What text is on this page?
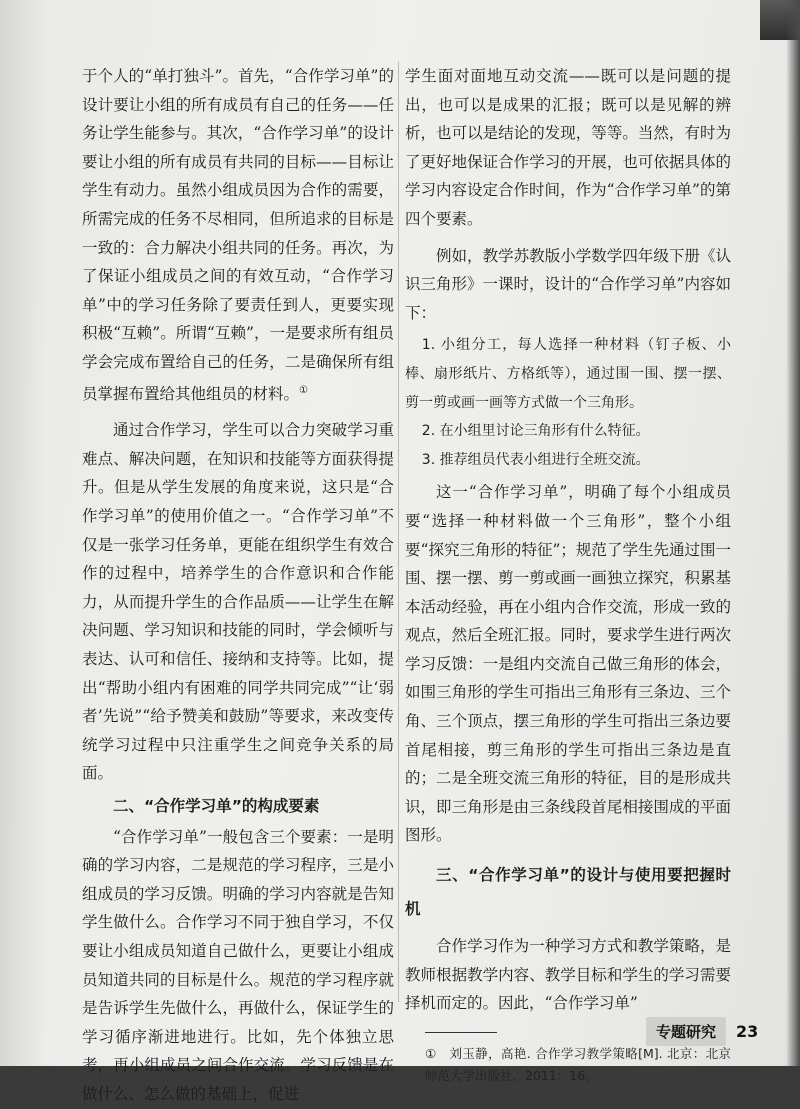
于个人的“单打独斗”。首先，“合作学习单”的设计要让小组的所有成员有自己的任务——任务让学生能参与。其次，“合作学习单”的设计要让小组的所有成员有共同的目标——目标让学生有动力。虽然小组成员因为合作的需要，所需完成的任务不尽相同，但所追求的目标是一致的：合力解决小组共同的任务。再次，为了保证小组成员之间的有效互动，“合作学习单”中的学习任务除了要责任到人，更要实现积极“互赖”。所谓“互赖”，一是要求所有组员学会完成布置给自己的任务，二是确保所有组员掌握布置给其他组员的材料。①

通过合作学习，学生可以合力突破学习重难点、解决问题，在知识和技能等方面获得提升。但是从学生发展的角度来说，这只是“合作学习单”的使用价值之一。“合作学习单”不仅是一张学习任务单，更能在组织学生有效合作的过程中，培养学生的合作意识和合作能力，从而提升学生的合作品质——让学生在解决问题、学习知识和技能的同时，学会倾听与表达、认可和信任、接纳和支持等。比如，提出“帮助小组内有困难的同学共同完成”“让‘弱者’先说”“给予赞美和鼓励”等要求，来改变传统学习过程中只注重学生之间竞争关系的局面。

二、“合作学习单”的构成要素

“合作学习单”一般包含三个要素：一是明确的学习内容，二是规范的学习程序，三是小组成员的学习反馈。明确的学习内容就是告知学生做什么。合作学习不同于独自学习，不仅要让小组成员知道自己做什么，更要让小组成员知道共同的目标是什么。规范的学习程序就是告诉学生先做什么，再做什么，保证学生的学习循序渐进地进行。比如，先个体独立思考，再小组成员之间合作交流。学习反馈是在做什么、怎么做的基础上，促进

学生面对面地互动交流——既可以是问题的提出，也可以是成果的汇报；既可以是见解的辨析，也可以是结论的发现，等等。当然，有时为了更好地保证合作学习的开展，也可依据具体的学习内容设定合作时间，作为“合作学习单”的第四个要素。

例如，教学苏教版小学数学四年级下册《认识三角形》一课时，设计的“合作学习单”内容如下：

1. 小组分工，每人选择一种材料（钉子板、小棒、扇形纸片、方格纸等），通过围一围、摆一摆、剪一剪或画一画等方式做一个三角形。

2. 在小组里讨论三角形有什么特征。

3. 推荐组员代表小组进行全班交流。

这一“合作学习单”，明确了每个小组成员要“选择一种材料做一个三角形”，整个小组要“探究三角形的特征”；规范了学生先通过围一围、摆一摆、剪一剪或画一画独立探究，积累基本活动经验，再在小组内合作交流，形成一致的观点，然后全班汇报。同时，要求学生进行两次学习反馈：一是组内交流自己做三角形的体会，如围三角形的学生可指出三角形有三条边、三个角、三个顶点，摆三角形的学生可指出三条边要首尾相接，剪三角形的学生可指出三条边是直的；二是全班交流三角形的特征，目的是形成共识，即三角形是由三条线段首尾相接围成的平面图形。

三、“合作学习单”的设计与使用要把握时机

合作学习作为一种学习方式和教学策略，是教师根据教学内容、教学目标和学生的学习需要择机而定的。因此，“合作学习单”

①　刘玉静，高艳. 合作学习教学策略[M]. 北京：北京师范大学出版社，2011：16。

专题研究	23
